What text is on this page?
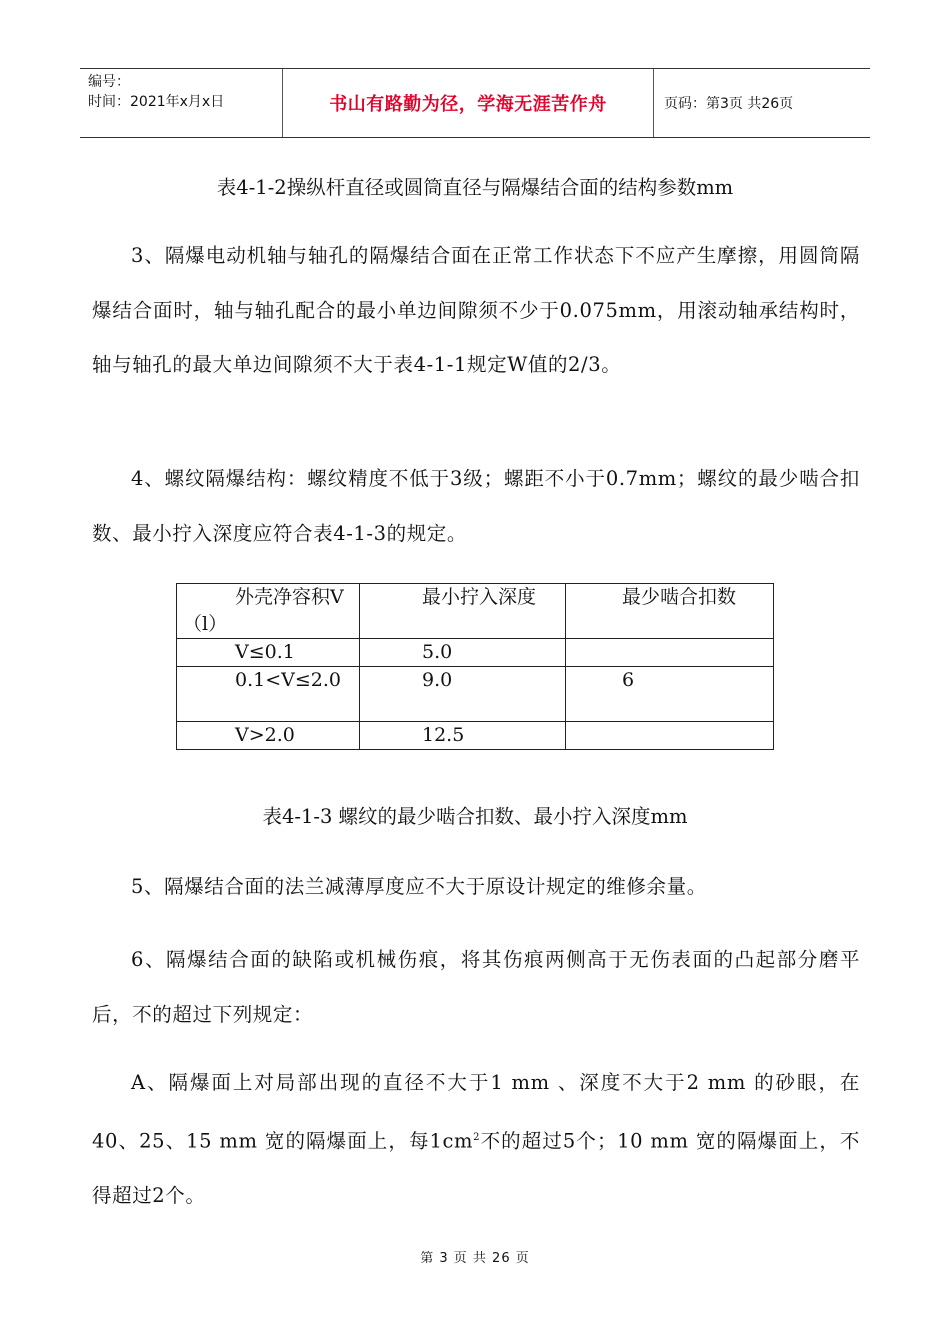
编号：
时间：2021年x月x日	书山有路勤为径，学海无涯苦作舟	页码：第3页 共26页
表4-1-2操纵杆直径或圆筒直径与隔爆结合面的结构参数mm
3、隔爆电动机轴与轴孔的隔爆结合面在正常工作状态下不应产生摩擦，用圆筒隔爆结合面时，轴与轴孔配合的最小单边间隙须不少于0.075mm，用滚动轴承结构时，轴与轴孔的最大单边间隙须不大于表4-1-1规定W值的2/3。
4、螺纹隔爆结构：螺纹精度不低于3级；螺距不小于0.7mm；螺纹的最少啮合扣数、最小拧入深度应符合表4-1-3的规定。
外壳净容积V（l）	最小拧入深度	最少啮合扣数
V≤0.1	5.0	

0.1<V≤2.0	9.0	6
V>2.0	12.5	
表4-1-3 螺纹的最少啮合扣数、最小拧入深度mm
5、隔爆结合面的法兰减薄厚度应不大于原设计规定的维修余量。
6、隔爆结合面的缺陷或机械伤痕，将其伤痕两侧高于无伤表面的凸起部分磨平后，不的超过下列规定：
A、隔爆面上对局部出现的直径不大于1 mm 、深度不大于2 mm 的砂眼，在40、25、15 mm 宽的隔爆面上，每$1cm^2$不的超过5个；10 mm 宽的隔爆面上，不得超过2个。
第 3 页 共 26 页
